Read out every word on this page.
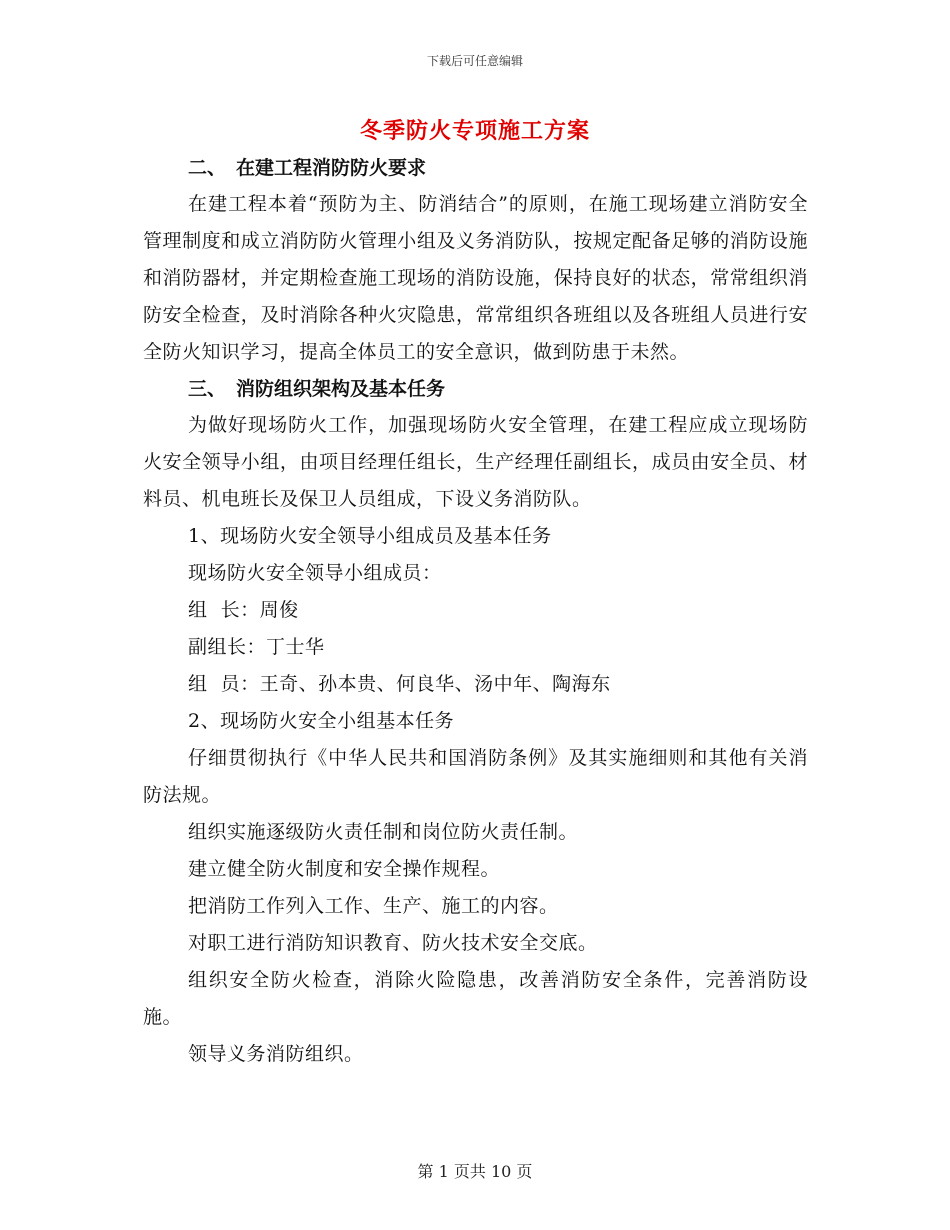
下载后可任意编辑
冬季防火专项施工方案

二、 在建工程消防防火要求

在建工程本着“预防为主、防消结合”的原则，在施工现场建立消防安全管理制度和成立消防防火管理小组及义务消防队，按规定配备足够的消防设施和消防器材，并定期检查施工现场的消防设施，保持良好的状态，常常组织消防安全检查，及时消除各种火灾隐患，常常组织各班组以及各班组人员进行安全防火知识学习，提高全体员工的安全意识，做到防患于未然。

三、 消防组织架构及基本任务

为做好现场防火工作，加强现场防火安全管理，在建工程应成立现场防火安全领导小组，由项目经理任组长，生产经理任副组长，成员由安全员、材料员、机电班长及保卫人员组成，下设义务消防队。

1、现场防火安全领导小组成员及基本任务

现场防火安全领导小组成员：

组  长：周俊

副组长：丁士华

组  员：王奇、孙本贵、何良华、汤中年、陶海东

2、现场防火安全小组基本任务

仔细贯彻执行《中华人民共和国消防条例》及其实施细则和其他有关消防法规。

组织实施逐级防火责任制和岗位防火责任制。

建立健全防火制度和安全操作规程。

把消防工作列入工作、生产、施工的内容。

对职工进行消防知识教育、防火技术安全交底。

组织安全防火检查，消除火险隐患，改善消防安全条件，完善消防设施。

领导义务消防组织。

第 1 页共 10 页
